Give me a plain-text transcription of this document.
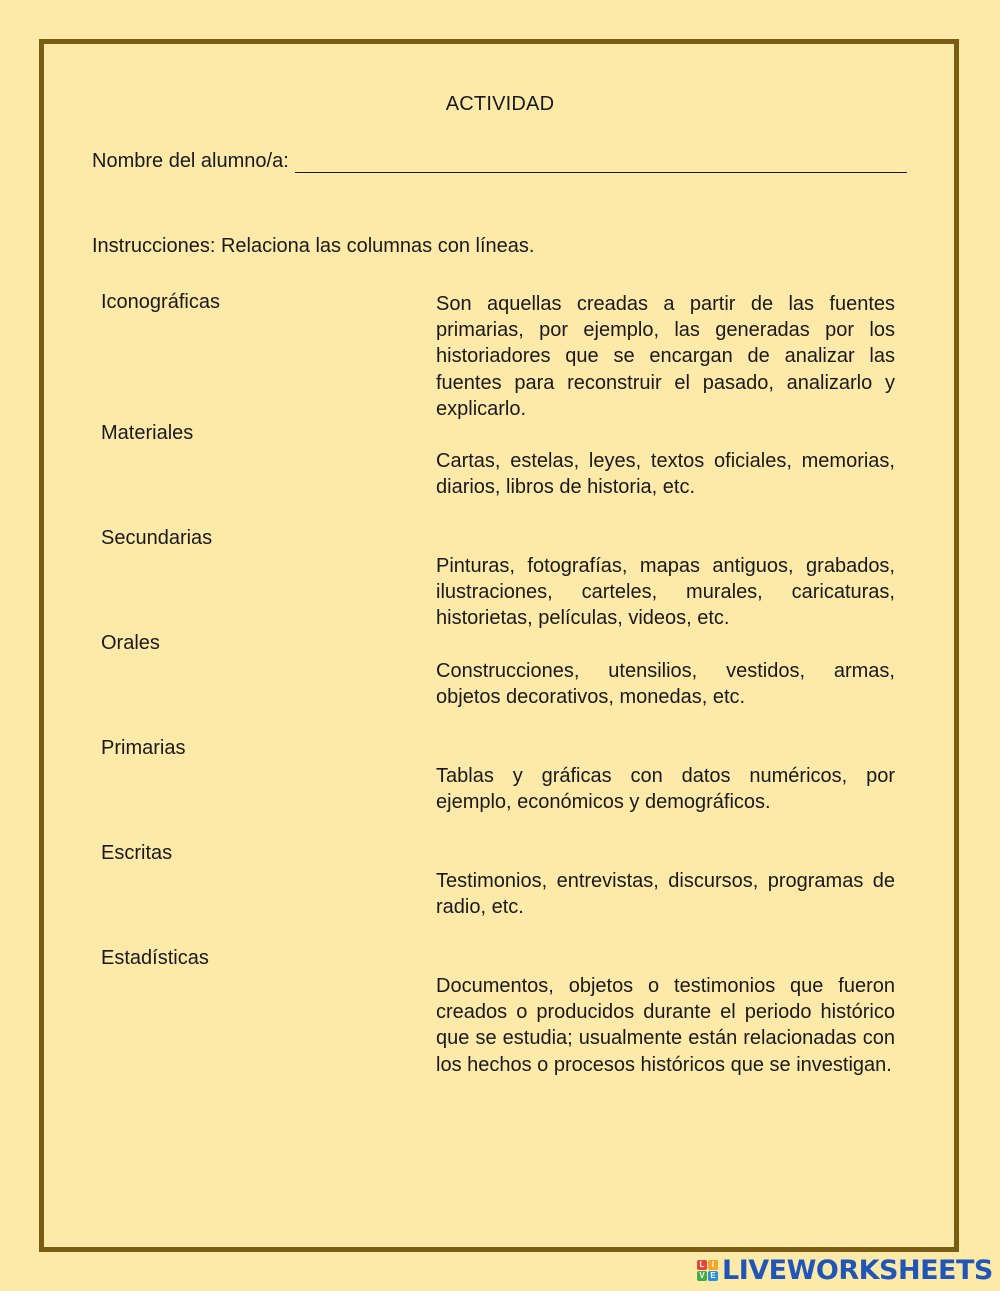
ACTIVIDAD
Nombre del alumno/a:
Instrucciones: Relaciona las columnas con líneas.
Iconográficas
Materiales
Secundarias
Orales
Primarias
Escritas
Estadísticas
Son aquellas creadas a partir de las fuentes primarias, por ejemplo, las generadas por los historiadores que se encargan de analizar las fuentes para reconstruir el pasado, analizarlo y explicarlo.
Cartas, estelas, leyes, textos oficiales, memorias, diarios, libros de historia, etc.
Pinturas, fotografías, mapas antiguos, grabados, ilustraciones, carteles, murales, caricaturas, historietas, películas, videos, etc.
Construcciones, utensilios, vestidos, armas, objetos decorativos, monedas, etc.
Tablas y gráficas con datos numéricos, por ejemplo, económicos y demográficos.
Testimonios, entrevistas, discursos, programas de radio, etc.
Documentos, objetos o testimonios que fueron creados o producidos durante el periodo histórico que se estudia; usualmente están relacionadas con los hechos o procesos históricos que se investigan.
L I
V E LIVEWORKSHEETS
